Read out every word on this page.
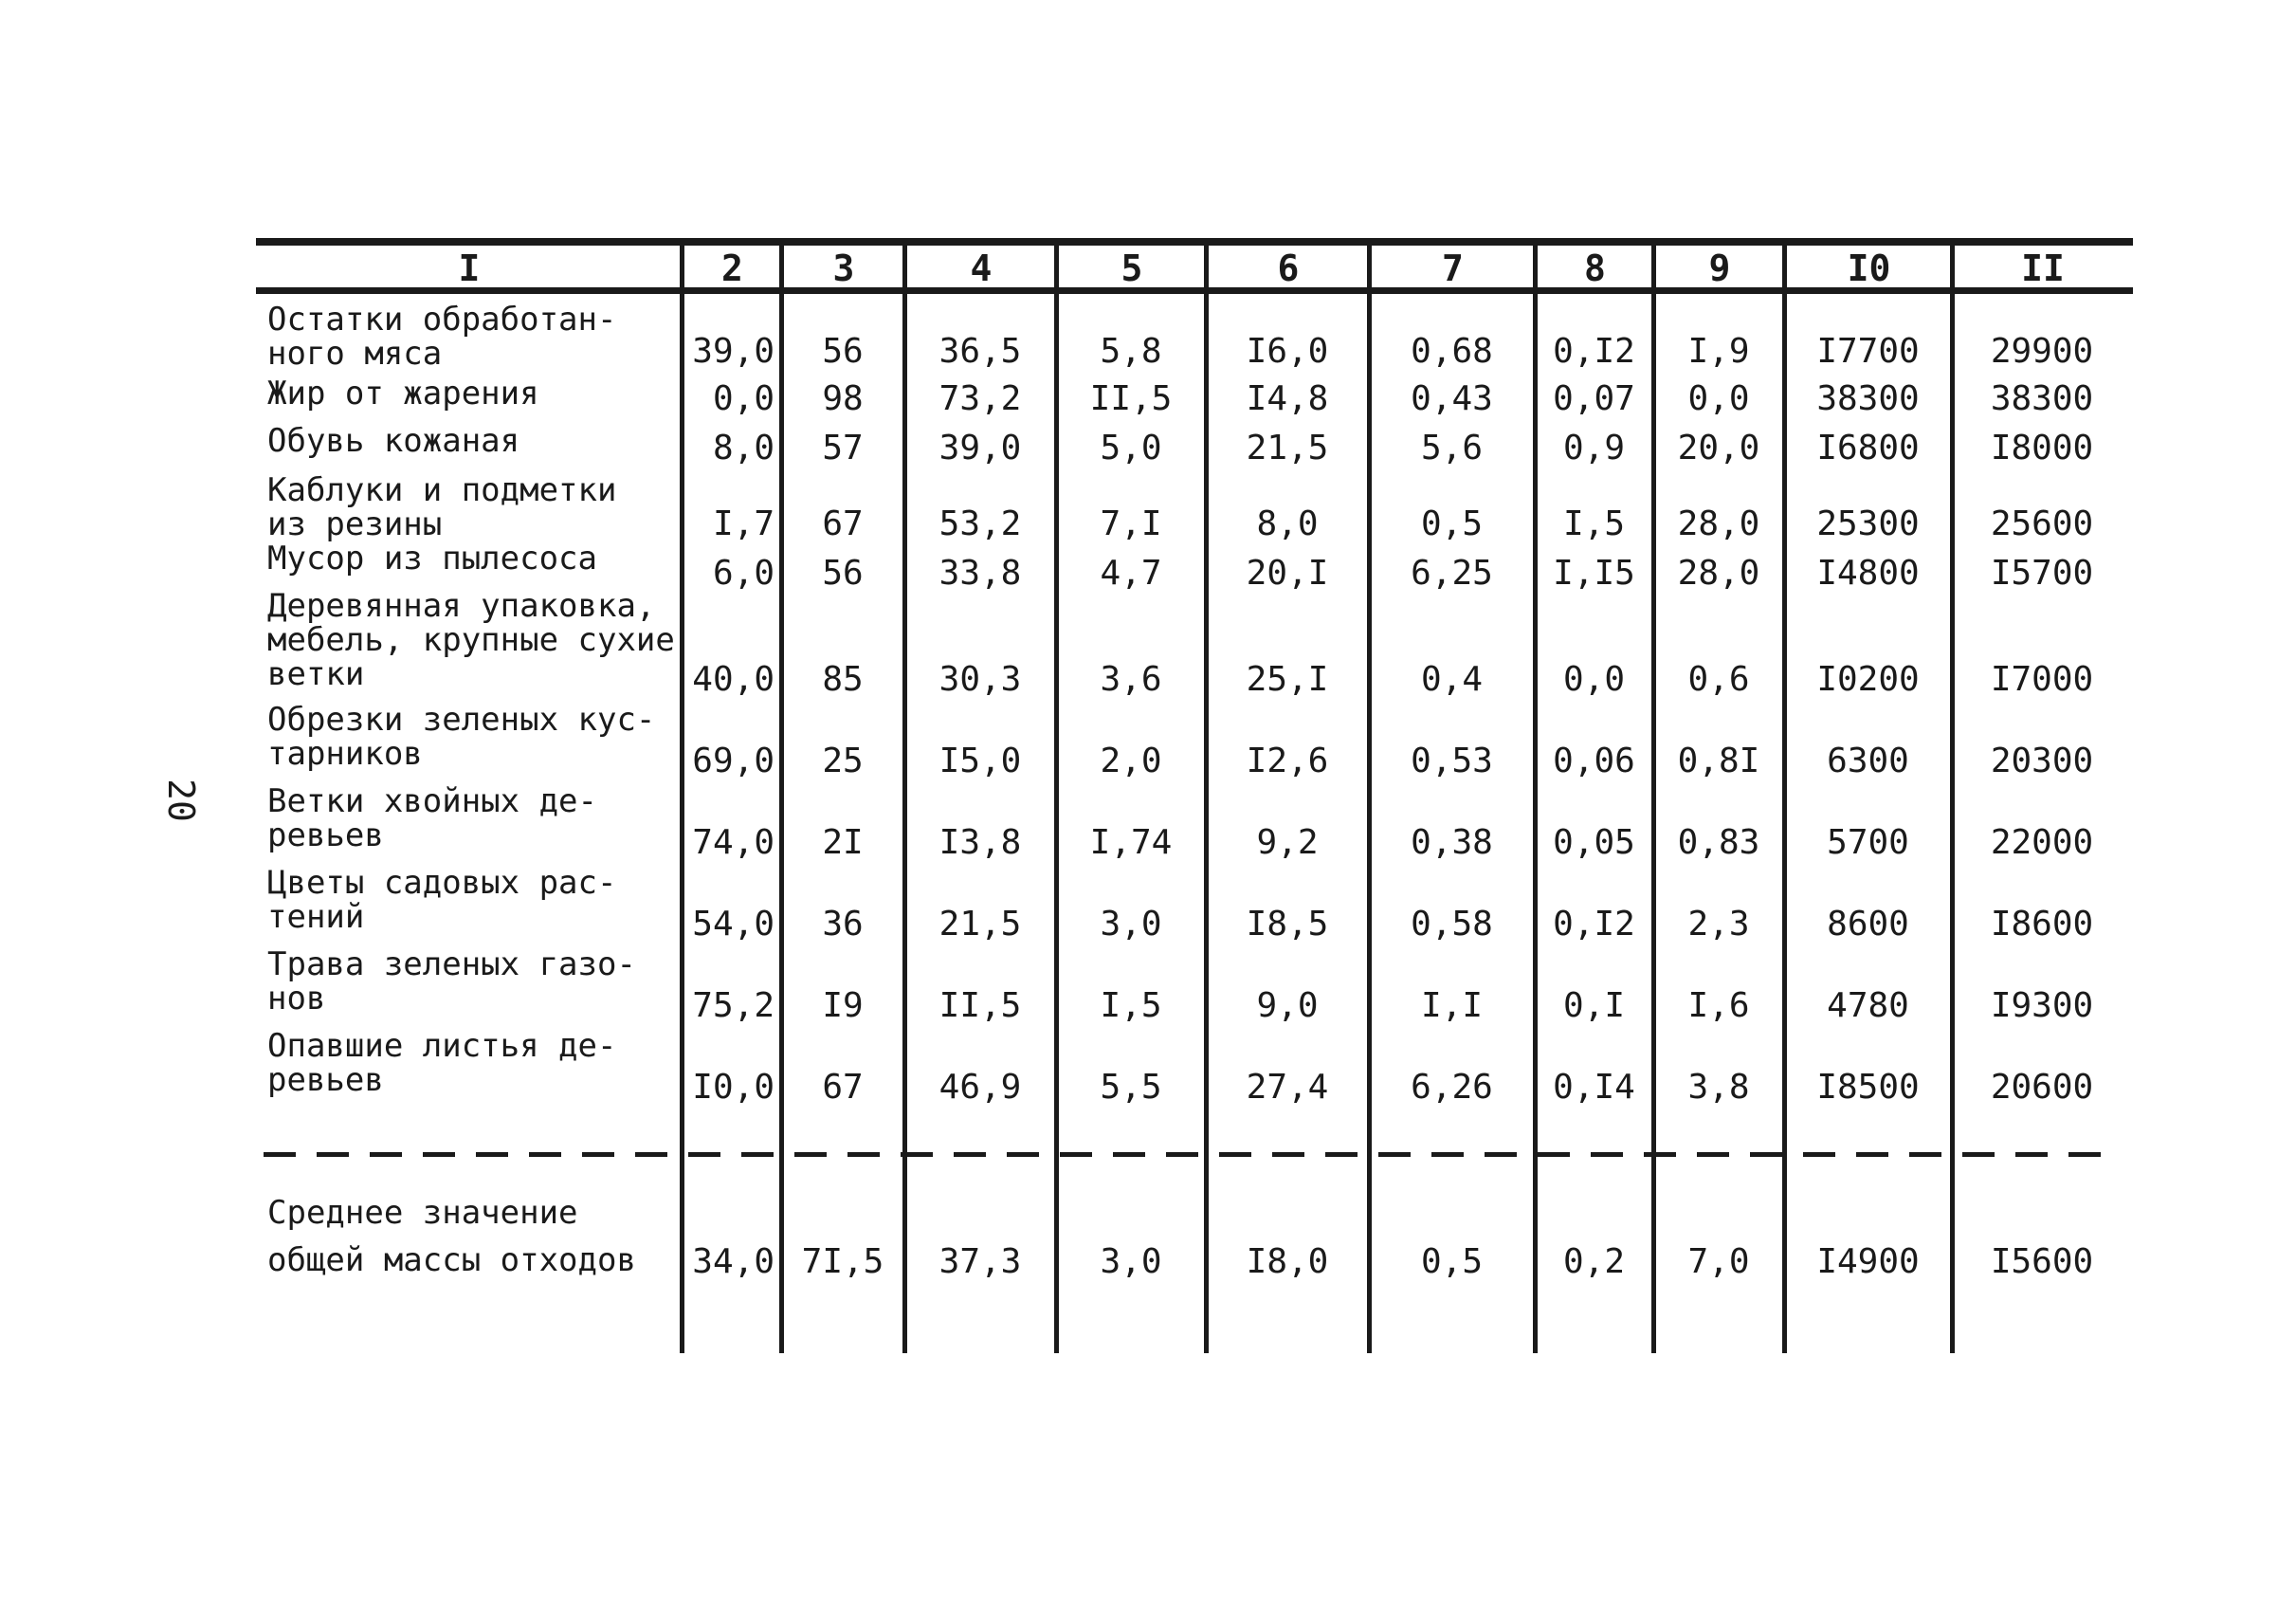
20
I	2	3	4	5	6	7	8	9	I0	II
Остатки обработан-
ного мяса	39,0	56	36,5	5,8	I6,0	0,68	0,I2	I,9	I7700	29900
Жир от жарения	0,0	98	73,2	II,5	I4,8	0,43	0,07	0,0	38300	38300
Обувь кожаная	8,0	57	39,0	5,0	21,5	5,6	0,9	20,0	I6800	I8000
Каблуки и подметки
из резины	I,7	67	53,2	7,I	8,0	0,5	I,5	28,0	25300	25600
Мусор из пылесоса	6,0	56	33,8	4,7	20,I	6,25	I,I5	28,0	I4800	I5700
Деревянная упаковка,
мебель, крупные сухие
ветки	40,0	85	30,3	3,6	25,I	0,4	0,0	0,6	I0200	I7000
Обрезки зеленых кус-
тарников	69,0	25	I5,0	2,0	I2,6	0,53	0,06	0,8I	6300	20300
Ветки хвойных де-
ревьев	74,0	2I	I3,8	I,74	9,2	0,38	0,05	0,83	5700	22000
Цветы садовых рас-
тений	54,0	36	21,5	3,0	I8,5	0,58	0,I2	2,3	8600	I8600
Трава зеленых газо-
нов	75,2	I9	II,5	I,5	9,0	I,I	0,I	I,6	4780	I9300
Опавшие листья де-
ревьев	I0,0	67	46,9	5,5	27,4	6,26	0,I4	3,8	I8500	20600
Среднее значение
общей массы отходов 34,0 7I,5	37,3	3,0	I8,0	0,5	0,2	7,0	I4900	I5600
